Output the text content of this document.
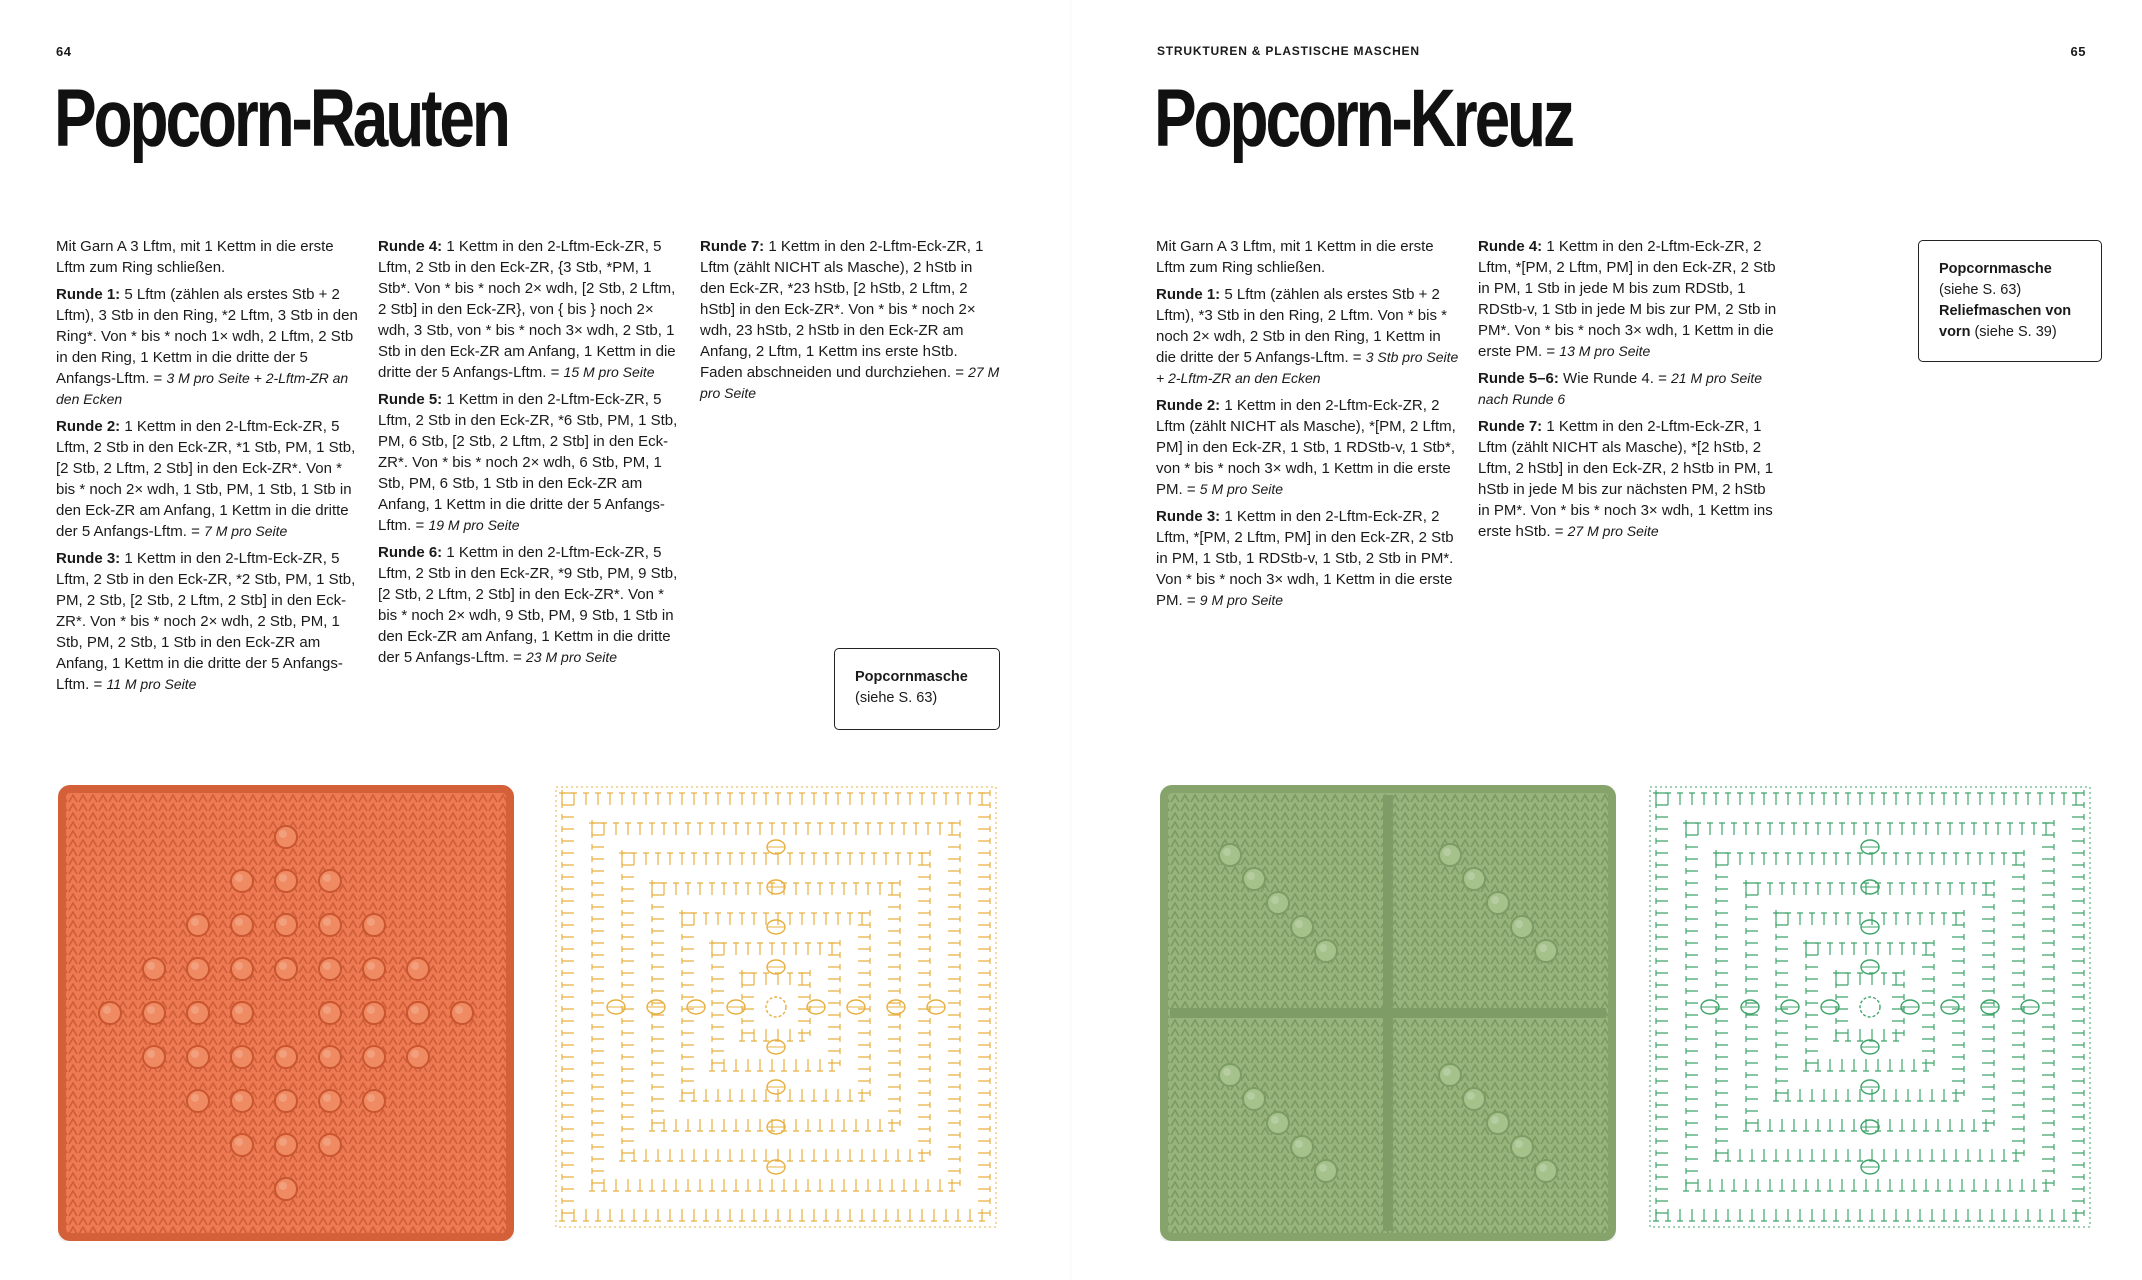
64
Popcorn-Rauten

Mit Garn A 3 Lftm, mit 1 Kettm in die erste Lftm zum Ring schließen.

Runde 1: 5 Lftm (zählen als erstes Stb + 2 Lftm), 3 Stb in den Ring, *2 Lftm, 3 Stb in den Ring*. Von * bis * noch 1× wdh, 2 Lftm, 2 Stb in den Ring, 1 Kettm in die dritte der 5 Anfangs-Lftm. = 3 M pro Seite + 2-Lftm-ZR an den Ecken

Runde 2: 1 Kettm in den 2-Lftm-Eck-ZR, 5 Lftm, 2 Stb in den Eck-ZR, *1 Stb, PM, 1 Stb, [2 Stb, 2 Lftm, 2 Stb] in den Eck-ZR*. Von * bis * noch 2× wdh, 1 Stb, PM, 1 Stb, 1 Stb in den Eck-ZR am Anfang, 1 Kettm in die dritte der 5 Anfangs-Lftm. = 7 M pro Seite

Runde 3: 1 Kettm in den 2-Lftm-Eck-ZR, 5 Lftm, 2 Stb in den Eck-ZR, *2 Stb, PM, 1 Stb, PM, 2 Stb, [2 Stb, 2 Lftm, 2 Stb] in den Eck-ZR*. Von * bis * noch 2× wdh, 2 Stb, PM, 1 Stb, PM, 2 Stb, 1 Stb in den Eck-ZR am Anfang, 1 Kettm in die dritte der 5 Anfangs-Lftm. = 11 M pro Seite

Runde 4: 1 Kettm in den 2-Lftm-Eck-ZR, 5 Lftm, 2 Stb in den Eck-ZR, {3 Stb, *PM, 1 Stb*. Von * bis * noch 2× wdh, [2 Stb, 2 Lftm, 2 Stb] in den Eck-ZR}, von { bis } noch 2× wdh, 3 Stb, von * bis * noch 3× wdh, 2 Stb, 1 Stb in den Eck-ZR am Anfang, 1 Kettm in die dritte der 5 Anfangs-Lftm. = 15 M pro Seite

Runde 5: 1 Kettm in den 2-Lftm-Eck-ZR, 5 Lftm, 2 Stb in den Eck-ZR, *6 Stb, PM, 1 Stb, PM, 6 Stb, [2 Stb, 2 Lftm, 2 Stb] in den Eck-ZR*. Von * bis * noch 2× wdh, 6 Stb, PM, 1 Stb, PM, 6 Stb, 1 Stb in den Eck-ZR am Anfang, 1 Kettm in die dritte der 5 Anfangs-Lftm. = 19 M pro Seite

Runde 6: 1 Kettm in den 2-Lftm-Eck-ZR, 5 Lftm, 2 Stb in den Eck-ZR, *9 Stb, PM, 9 Stb, [2 Stb, 2 Lftm, 2 Stb] in den Eck-ZR*. Von * bis * noch 2× wdh, 9 Stb, PM, 9 Stb, 1 Stb in den Eck-ZR am Anfang, 1 Kettm in die dritte der 5 Anfangs-Lftm. = 23 M pro Seite

Runde 7: 1 Kettm in den 2-Lftm-Eck-ZR, 1 Lftm (zählt NICHT als Masche), 2 hStb in den Eck-ZR, *23 hStb, [2 hStb, 2 Lftm, 2 hStb] in den Eck-ZR*. Von * bis * noch 2× wdh, 23 hStb, 2 hStb in den Eck-ZR am Anfang, 2 Lftm, 1 Kettm ins erste hStb. Faden abschneiden und durchziehen. = 27 M pro Seite

Popcornmasche
(siehe S. 63)
STRUKTUREN & PLASTISCHE MASCHEN	65
Popcorn-Kreuz

Mit Garn A 3 Lftm, mit 1 Kettm in die erste Lftm zum Ring schließen.

Runde 1: 5 Lftm (zählen als erstes Stb + 2 Lftm), *3 Stb in den Ring, 2 Lftm. Von * bis * noch 2× wdh, 2 Stb in den Ring, 1 Kettm in die dritte der 5 Anfangs-Lftm. = 3 Stb pro Seite + 2-Lftm-ZR an den Ecken

Runde 2: 1 Kettm in den 2-Lftm-Eck-ZR, 2 Lftm (zählt NICHT als Masche), *[PM, 2 Lftm, PM] in den Eck-ZR, 1 Stb, 1 RDStb-v, 1 Stb*, von * bis * noch 3× wdh, 1 Kettm in die erste PM. = 5 M pro Seite

Runde 3: 1 Kettm in den 2-Lftm-Eck-ZR, 2 Lftm, *[PM, 2 Lftm, PM] in den Eck-ZR, 2 Stb in PM, 1 Stb, 1 RDStb-v, 1 Stb, 2 Stb in PM*. Von * bis * noch 3× wdh, 1 Kettm in die erste PM. = 9 M pro Seite

Runde 4: 1 Kettm in den 2-Lftm-Eck-ZR, 2 Lftm, *[PM, 2 Lftm, PM] in den Eck-ZR, 2 Stb in PM, 1 Stb in jede M bis zum RDStb, 1 RDStb-v, 1 Stb in jede M bis zur PM, 2 Stb in PM*. Von * bis * noch 3× wdh, 1 Kettm in die erste PM. = 13 M pro Seite

Runde 5–6: Wie Runde 4. = 21 M pro Seite nach Runde 6

Runde 7: 1 Kettm in den 2-Lftm-Eck-ZR, 1 Lftm (zählt NICHT als Masche), *[2 hStb, 2 Lftm, 2 hStb] in den Eck-ZR, 2 hStb in PM, 1 hStb in jede M bis zur nächsten PM, 2 hStb in PM*. Von * bis * noch 3× wdh, 1 Kettm ins erste hStb. = 27 M pro Seite

Popcornmasche
(siehe S. 63)
Reliefmaschen von vorn (siehe S. 39)
